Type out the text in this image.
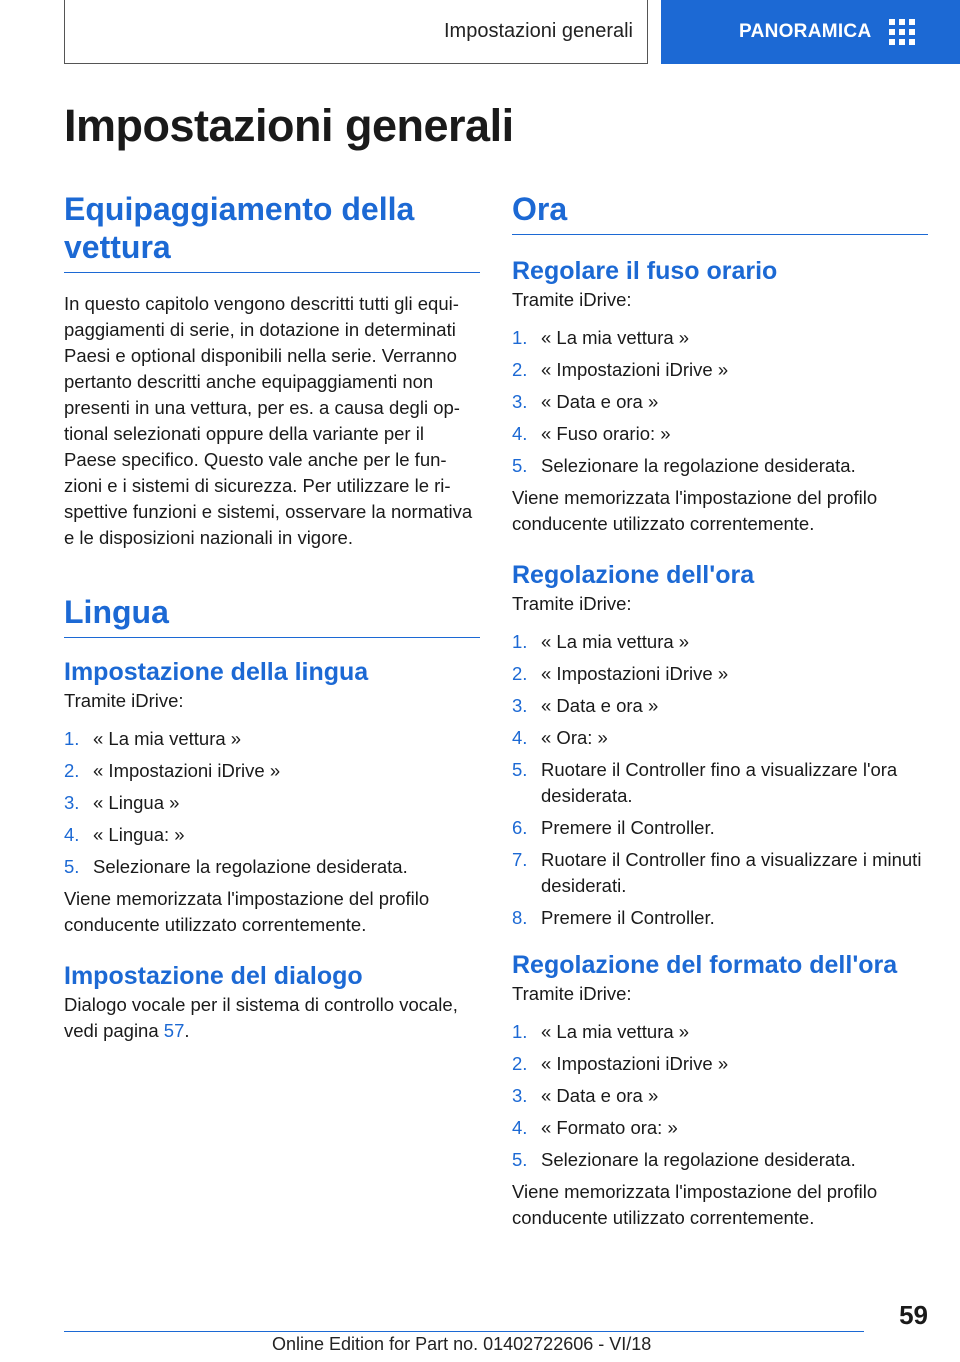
Impostazioni generali	PANORAMICA
Impostazioni generali
Equipaggiamento della vettura

In questo capitolo vengono descritti tutti gli equi-paggiamenti di serie, in dotazione in determinati Paesi e optional disponibili nella serie. Verranno pertanto descritti anche equipaggiamenti non presenti in una vettura, per es. a causa degli op-tional selezionati oppure della variante per il Paese specifico. Questo vale anche per le fun-zioni e i sistemi di sicurezza. Per utilizzare le ri-spettive funzioni e sistemi, osservare la normativa e le disposizioni nazionali in vigore.

Lingua
Impostazione della lingua

Tramite iDrive:

1. « La mia vettura »
2. « Impostazioni iDrive »
3. « Lingua »
4. « Lingua: »
5. Selezionare la regolazione desiderata.

Viene memorizzata l'impostazione del profilo conducente utilizzato correntemente.

Impostazione del dialogo

Dialogo vocale per il sistema di controllo vocale, vedi pagina 57.

Ora
Regolare il fuso orario

Tramite iDrive:

1. « La mia vettura »
2. « Impostazioni iDrive »
3. « Data e ora »
4. « Fuso orario: »
5. Selezionare la regolazione desiderata.

Viene memorizzata l'impostazione del profilo conducente utilizzato correntemente.

Regolazione dell'ora

Tramite iDrive:

1. « La mia vettura »
2. « Impostazioni iDrive »
3. « Data e ora »
4. « Ora: »
5. Ruotare il Controller fino a visualizzare l'ora desiderata.
6. Premere il Controller.
7. Ruotare il Controller fino a visualizzare i minuti desiderati.
8. Premere il Controller.
Regolazione del formato dell'ora

Tramite iDrive:

1. « La mia vettura »
2. « Impostazioni iDrive »
3. « Data e ora »
4. « Formato ora: »
5. Selezionare la regolazione desiderata.

Viene memorizzata l'impostazione del profilo conducente utilizzato correntemente.

59
Online Edition for Part no. 01402722606 - VI/18
